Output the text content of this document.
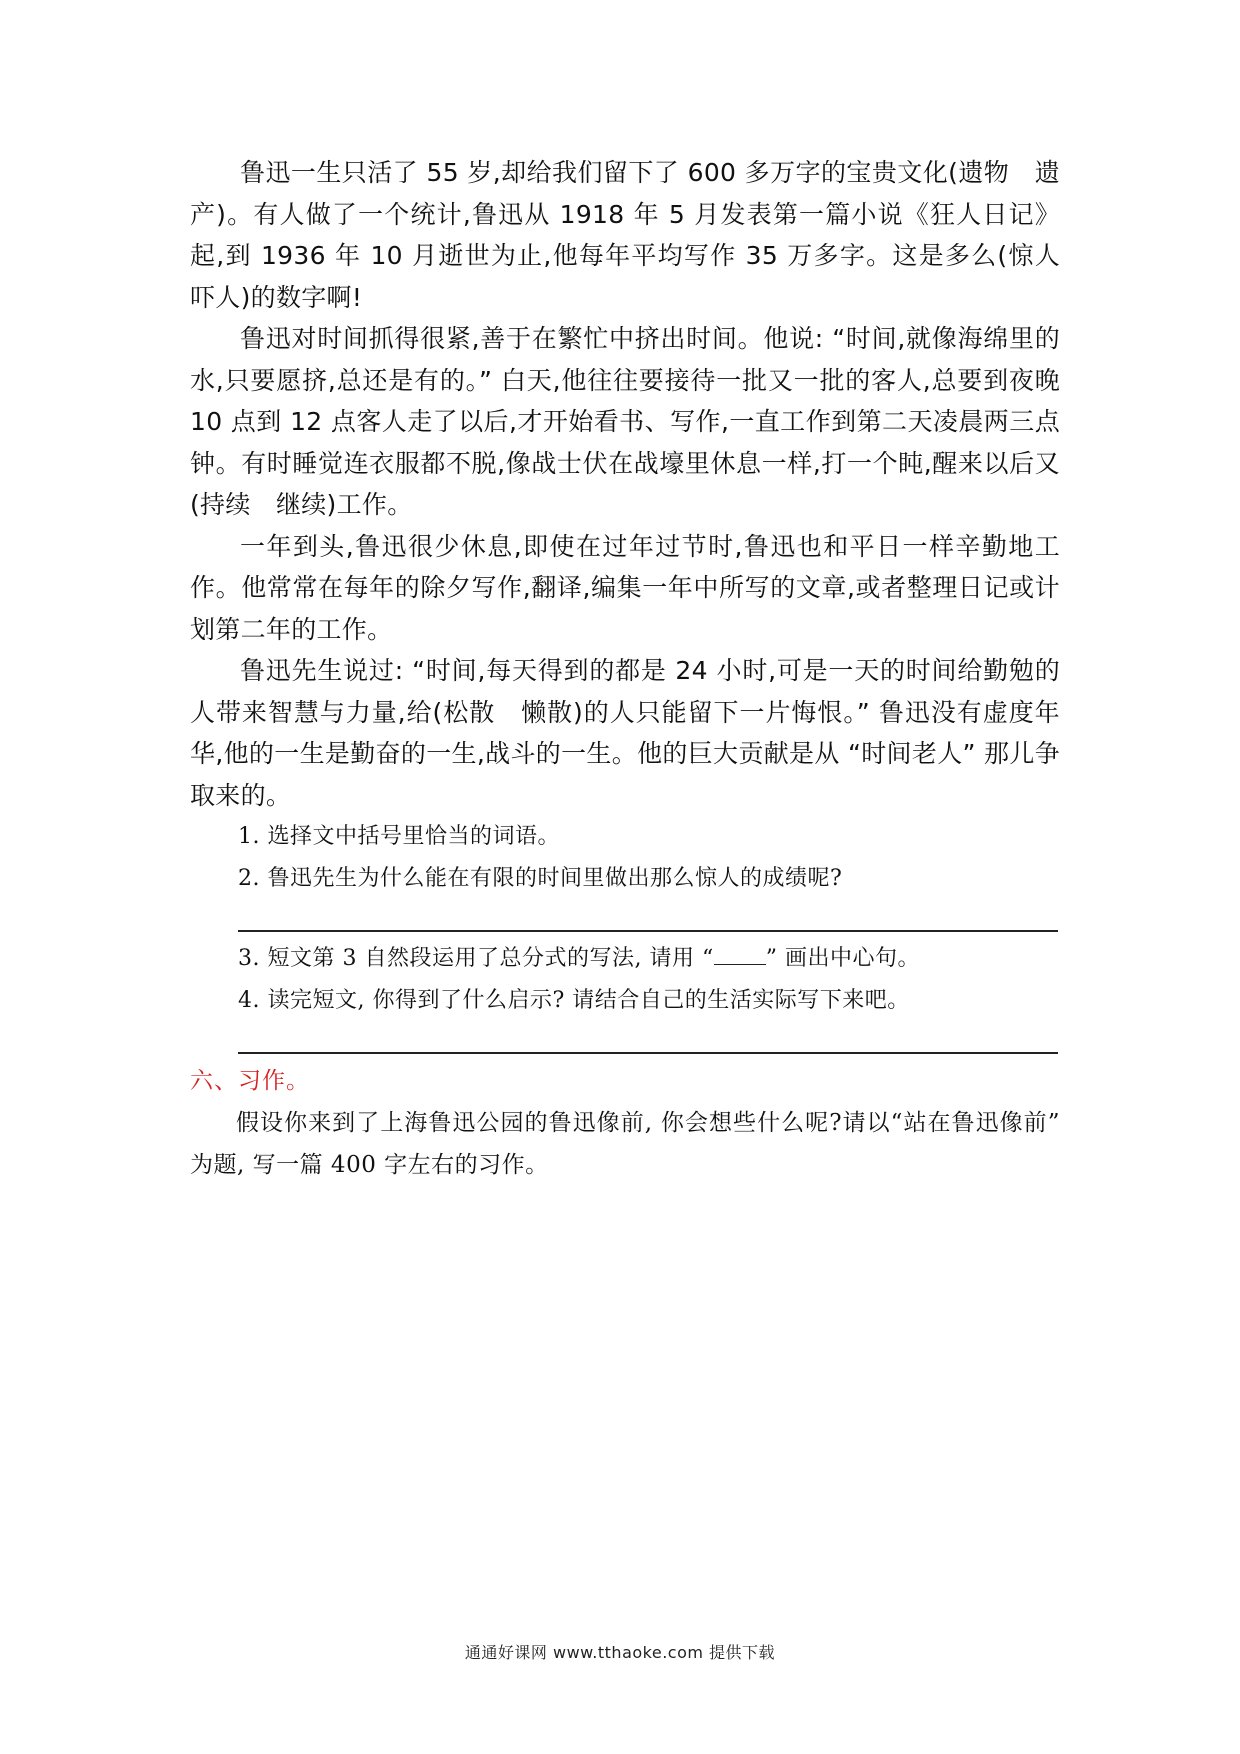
鲁迅一生只活了 55 岁,却给我们留下了 600 多万字的宝贵文化(遗物　遗产)。有人做了一个统计,鲁迅从 1918 年 5 月发表第一篇小说《狂人日记》起,到 1936 年 10 月逝世为止,他每年平均写作 35 万多字。这是多么(惊人　吓人)的数字啊!

鲁迅对时间抓得很紧,善于在繁忙中挤出时间。他说: “时间,就像海绵里的水,只要愿挤,总还是有的。” 白天,他往往要接待一批又一批的客人,总要到夜晚 10 点到 12 点客人走了以后,才开始看书、写作,一直工作到第二天凌晨两三点钟。有时睡觉连衣服都不脱,像战士伏在战壕里休息一样,打一个盹,醒来以后又(持续　继续)工作。

一年到头,鲁迅很少休息,即使在过年过节时,鲁迅也和平日一样辛勤地工作。他常常在每年的除夕写作,翻译,编集一年中所写的文章,或者整理日记或计划第二年的工作。

鲁迅先生说过: “时间,每天得到的都是 24 小时,可是一天的时间给勤勉的人带来智慧与力量,给(松散　懒散)的人只能留下一片悔恨。” 鲁迅没有虚度年华,他的一生是勤奋的一生,战斗的一生。他的巨大贡献是从 “时间老人” 那儿争取来的。

1. 选择文中括号里恰当的词语。

2. 鲁迅先生为什么能在有限的时间里做出那么惊人的成绩呢?

3. 短文第 3 自然段运用了总分式的写法, 请用 “ ” 画出中心句。

4. 读完短文, 你得到了什么启示? 请结合自己的生活实际写下来吧。

六、习作。

假设你来到了上海鲁迅公园的鲁迅像前, 你会想些什么呢?请以“站在鲁迅像前” 为题, 写一篇 400 字左右的习作。

通通好课网 www.tthaoke.com 提供下载
